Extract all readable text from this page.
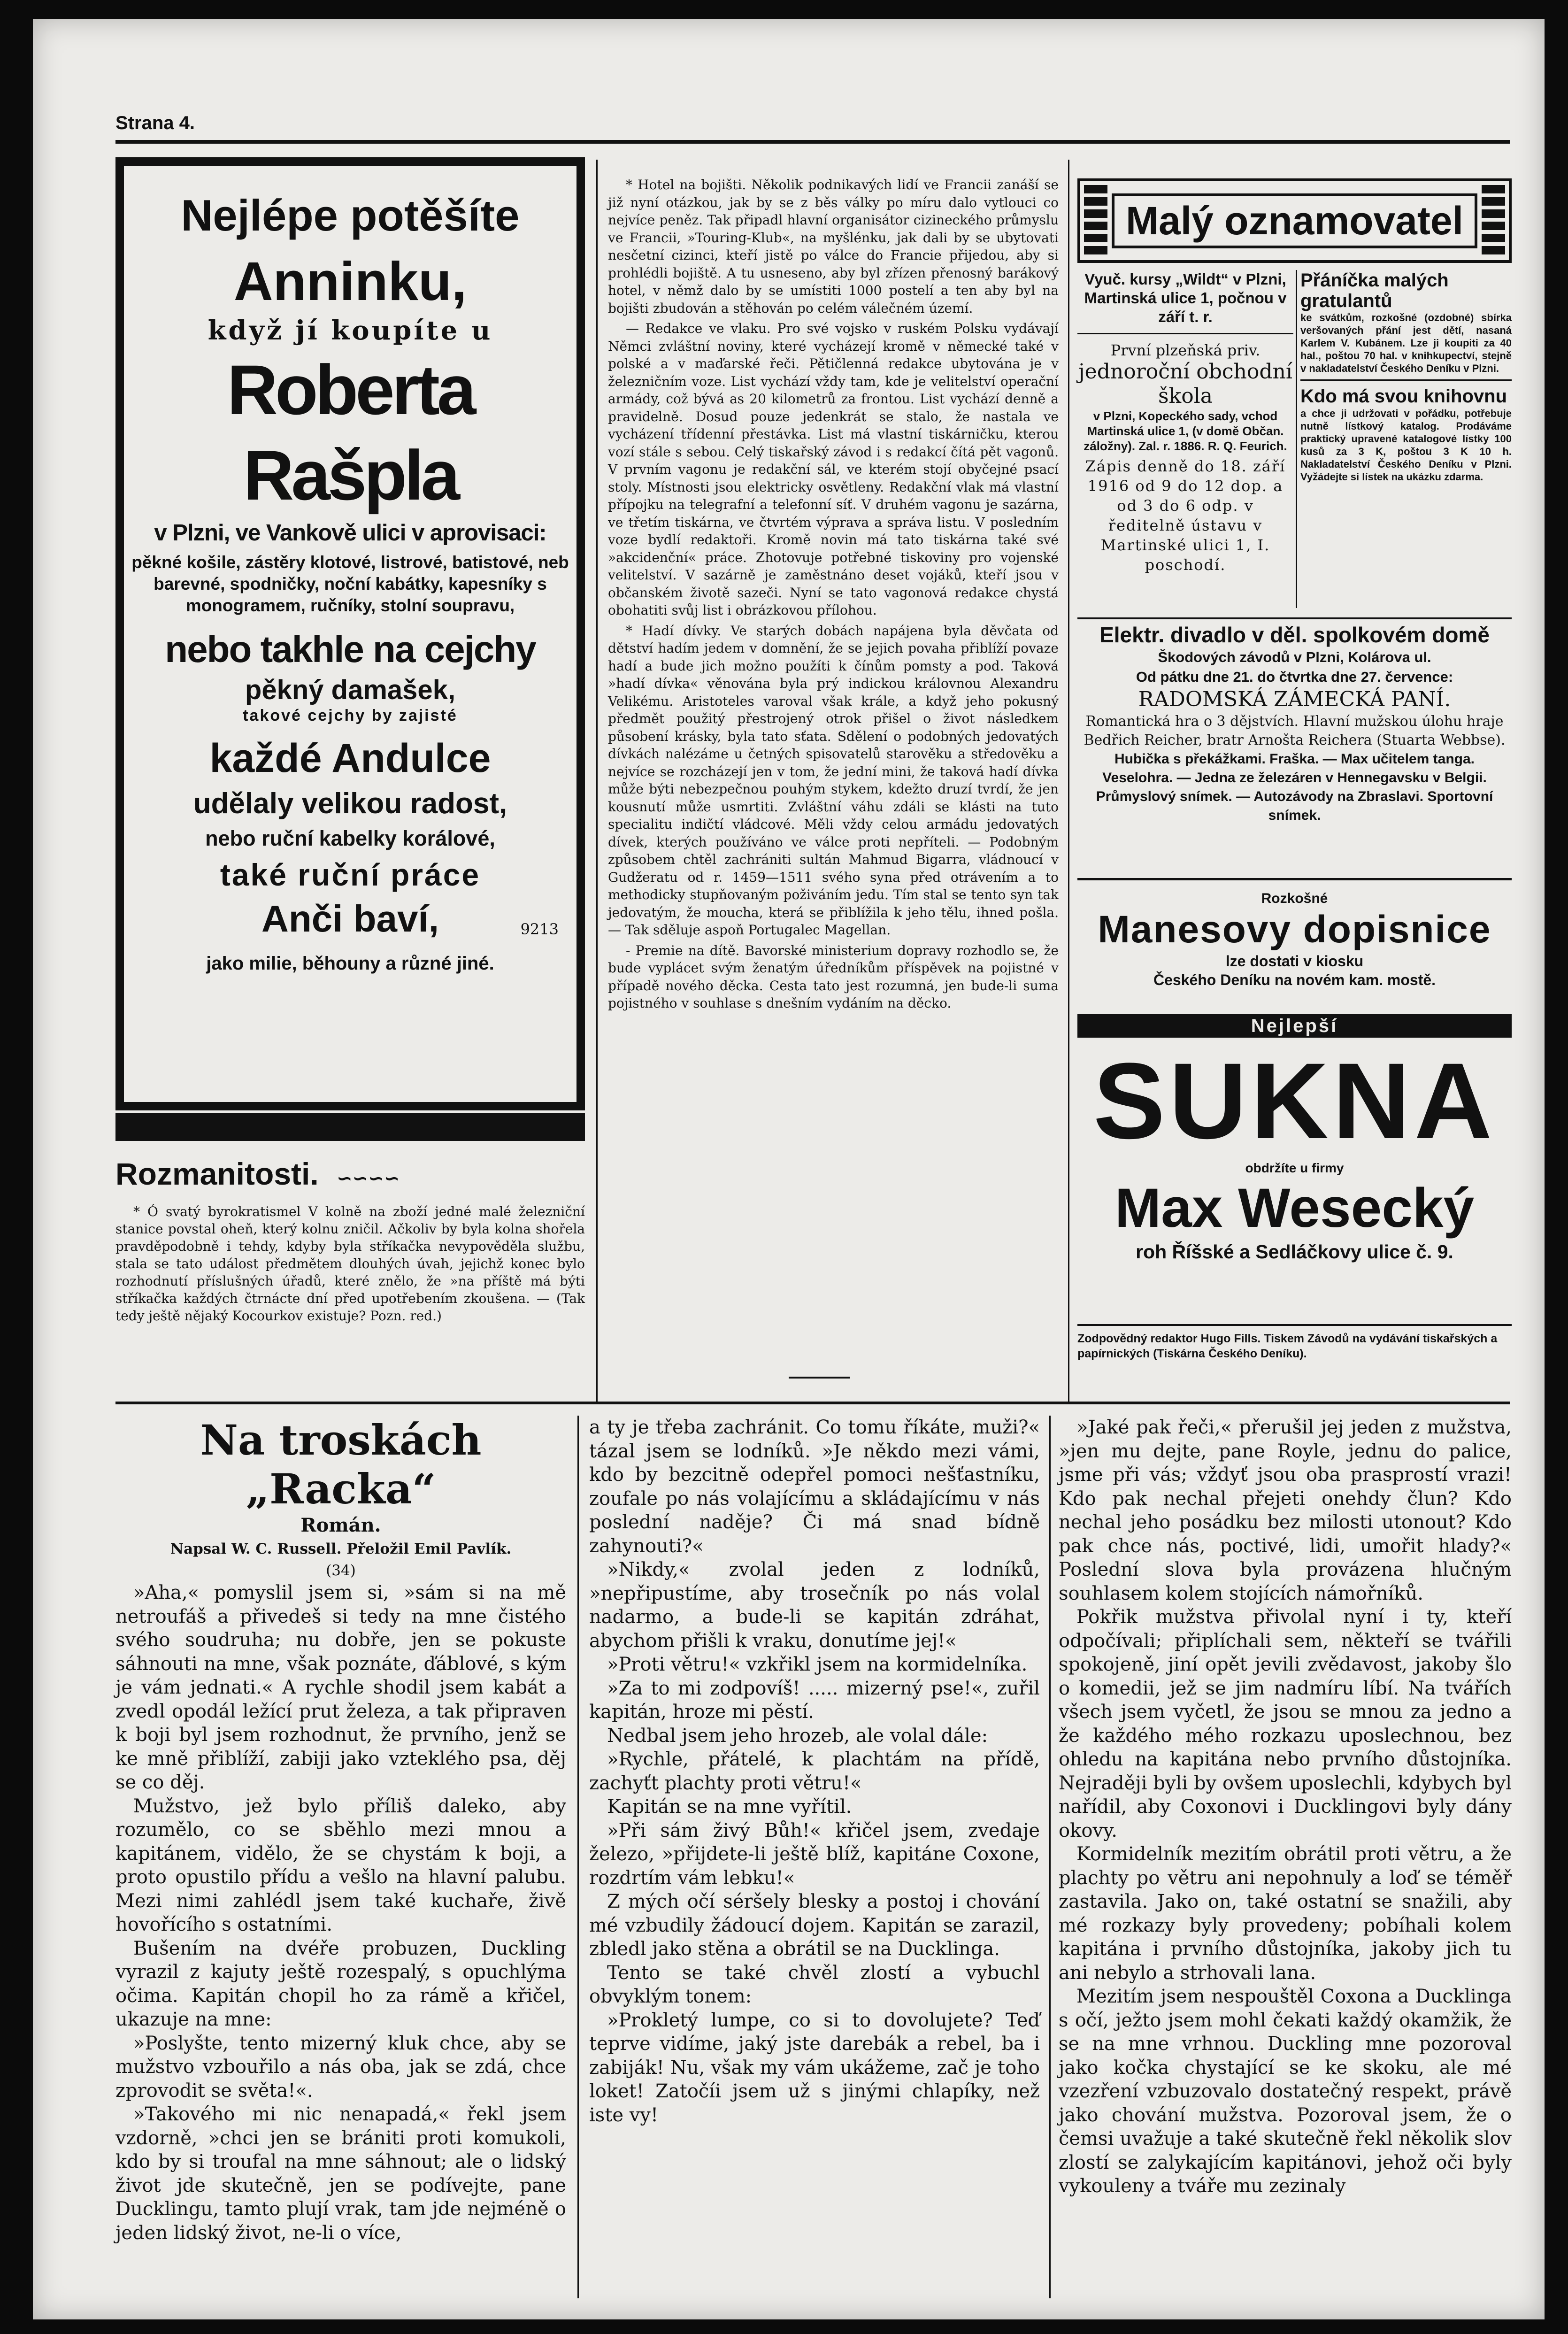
Strana 4.
Nejlépe potěšíte
Anninku,
když jí koupíte u
Roberta Rašpla
v Plzni, ve Vankově ulici v aprovisaci:
pěkné košile, zástěry klotové, listrové, batistové, neb barevné, spodničky, noční kabátky, kapesníky s monogramem, ručníky, stolní soupravu,
nebo takhle na cejchy
pěkný damašek,
takové cejchy by zajisté
každé Andulce
udělaly velikou radost,
nebo ruční kabelky korálové,
také ruční práce
Anči baví,	9213
jako milie, běhouny a různé jiné.
Rozmanitosti. ∽∽∽∽

* Ó svatý byrokratismel V kolně na zboží jedné malé železniční stanice povstal oheň, který kolnu zničil. Ačkoliv by byla kolna shořela pravděpodobně i tehdy, kdyby byla stříkačka nevypověděla službu, stala se tato událost předmětem dlouhých úvah, jejichž konec bylo rozhodnutí příslušných úřadů, které znělo, že »na příště má býti stříkačka každých čtrnácte dní před upotřebením zkoušena. — (Tak tedy ještě nějaký Kocourkov existuje? Pozn. red.)

* Hotel na bojišti. Několik podnikavých lidí ve Francii zanáší se již nyní otázkou, jak by se z běs války po míru dalo vytlouci co nejvíce peněz. Tak připadl hlavní organisátor cizineckého průmyslu ve Francii, »Touring-Klub«, na myšlénku, jak dali by se ubytovati nesčetní cizinci, kteří jistě po válce do Francie přijedou, aby si prohlédli bojiště. A tu usneseno, aby byl zřízen přenosný barákový hotel, v němž dalo by se umístiti 1000 postelí a ten aby byl na bojišti zbudován a stěhován po celém válečném území.

— Redakce ve vlaku. Pro své vojsko v ruském Polsku vydávají Němci zvláštní noviny, které vycházejí kromě v německé také v polské a v maďarské řeči. Pětičlenná redakce ubytována je v železničním voze. List vychází vždy tam, kde je velitelství operační armády, což bývá as 20 kilometrů za frontou. List vychází denně a pravidelně. Dosud pouze jedenkrát se stalo, že nastala ve vycházení třídenní přestávka. List má vlastní tiskárničku, kterou vozí stále s sebou. Celý tiskařský závod i s redakcí čítá pět vagonů. V prvním vagonu je redakční sál, ve kterém stojí obyčejné psací stoly. Místnosti jsou elektricky osvětleny. Redakční vlak má vlastní přípojku na telegrafní a telefonní síť. V druhém vagonu je sazárna, ve třetím tiskárna, ve čtvrtém výprava a správa listu. V posledním voze bydlí redaktoři. Kromě novin má tato tiskárna také své »akcidenční« práce. Zhotovuje potřebné tiskoviny pro vojenské velitelství. V sazárně je zaměstnáno deset vojáků, kteří jsou v občanském životě sazeči. Nyní se tato vagonová redakce chystá obohatiti svůj list i obrázkovou přílohou.

* Hadí dívky. Ve starých dobách napájena byla děvčata od dětství hadím jedem v domnění, že se jejich povaha přiblíží povaze hadí a bude jich možno použíti k čínům pomsty a pod. Taková »hadí dívka« věnována byla prý indickou královnou Alexandru Velikému. Aristoteles varoval však krále, a když jeho pokusný předmět použitý přestrojený otrok přišel o život následkem působení krásky, byla tato sťata. Sdělení o podobných jedovatých dívkách nalézáme u četných spisovatelů starověku a středověku a nejvíce se rozcházejí jen v tom, že jední mini, že taková hadí dívka může býti nebezpečnou pouhým stykem, kdežto druzí tvrdí, že jen kousnutí může usmrtiti. Zvláštní váhu zdáli se klásti na tuto specialitu indičtí vládcové. Měli vždy celou armádu jedovatých dívek, kterých používáno ve válce proti nepříteli. — Podobným způsobem chtěl zachrániti sultán Mahmud Bigarra, vládnoucí v Gudžeratu od r. 1459—1511 svého syna před otrávením a to methodicky stupňovaným poživáním jedu. Tím stal se tento syn tak jedovatým, že moucha, která se přiblížila k jeho tělu, ihned pošla. — Tak sděluje aspoň Portugalec Magellan.

- Premie na dítě. Bavorské ministerium dopravy rozhodlo se, že bude vyplácet svým ženatým úředníkům příspěvek na pojistné v případě nového děcka. Cesta tato jest rozumná, jen bude-li suma pojistného v souhlase s dnešním vydáním na děcko.

Malý oznamovatel
Vyuč. kursy „Wildt“ v Plzni, Martinská ulice 1, počnou v září t. r.
První plzeňská priv.
jednoroční obchodní škola
v Plzni, Kopeckého sady, vchod Martinská ulice 1, (v domě Občan. záložny). Zal. r. 1886. R. Q. Feurich.
Zápis denně do 18. září 1916 od 9 do 12 dop. a od 3 do 6 odp. v ředitelně ústavu v Martinské ulici 1, I. poschodí.
Přáníčka malých gratulantů
ke svátkům, rozkošné (ozdobné) sbírka veršovaných přání jest dětí, nasaná Karlem V. Kubánem. Lze ji koupiti za 40 hal., poštou 70 hal. v knihkupectví, stejně v nakladatelství Českého Deníku v Plzni.
Kdo má svou knihovnu
a chce ji udržovati v pořádku, potřebuje nutně lístkový katalog. Prodáváme praktický upravené katalogové lístky 100 kusů za 3 K, poštou 3 K 10 h. Nakladatelství Českého Deníku v Plzni. Vyžádejte si lístek na ukázku zdarma.
Elektr. divadlo v děl. spolkovém domě
Škodových závodů v Plzni, Kolárova ul.
Od pátku dne 21. do čtvrtka dne 27. července:
RADOMSKÁ ZÁMECKÁ PANÍ.
Romantická hra o 3 dějstvích. Hlavní mužskou úlohu hraje Bedřich Reicher, bratr Arnošta Reichera (Stuarta Webbse).
Hubička s překážkami. Fraška. — Max učitelem tanga. Veselohra. — Jedna ze železáren v Hennegavsku v Belgii. Průmyslový snímek. — Autozávody na Zbraslavi. Sportovní snímek.
Rozkošné
Manesovy dopisnice
lze dostati v kiosku
Českého Deníku na novém kam. mostě.
Nejlepší
SUKNA
obdržíte u firmy
Max Wesecký
roh Říšské a Sedláčkovy ulice č. 9.
Zodpovědný redaktor Hugo Fills. Tiskem Závodů na vydávání tiskařských a papírnických (Tiskárna Českého Deníku).
Na troskách „Racka“
Román.
Napsal W. C. Russell. Přeložil Emil Pavlík.
(34)

»Aha,« pomyslil jsem si, »sám si na mě netroufáš a přivedeš si tedy na mne čistého svého soudruha; nu dobře, jen se pokuste sáhnouti na mne, však poznáte, ďáblové, s kým je vám jednati.« A rychle shodil jsem kabát a zvedl opodál ležící prut železa, a tak připraven k boji byl jsem rozhodnut, že prvního, jenž se ke mně přiblíží, zabiji jako vzteklého psa, děj se co děj.

Mužstvo, jež bylo příliš daleko, aby rozumělo, co se sběhlo mezi mnou a kapitánem, vidělo, že se chystám k boji, a proto opustilo přídu a vešlo na hlavní palubu. Mezi nimi zahlédl jsem také kuchaře, živě hovořícího s ostatními.

Bušením na dvéře probuzen, Duckling vyrazil z kajuty ještě rozespalý, s opuchlýma očima. Kapitán chopil ho za rámě a křičel, ukazuje na mne:

»Poslyšte, tento mizerný kluk chce, aby se mužstvo vzbouřilo a nás oba, jak se zdá, chce zprovodit se světa!«.

»Takového mi nic nenapadá,« řekl jsem vzdorně, »chci jen se brániti proti komukoli, kdo by si troufal na mne sáhnout; ale o lidský život jde skutečně, jen se podívejte, pane Ducklingu, tamto plují vrak, tam jde nejméně o jeden lidský život, ne-li o více,

a ty je třeba zachránit. Co tomu říkáte, muži?« tázal jsem se lodníků. »Je někdo mezi vámi, kdo by bezcitně odepřel pomoci nešťastníku, zoufale po nás volajícímu a skládajícímu v nás poslední naděje? Či má snad bídně zahynouti?«

»Nikdy,« zvolal jeden z lodníků, »nepřipustíme, aby trosečník po nás volal nadarmo, a bude-li se kapitán zdráhat, abychom přišli k vraku, donutíme jej!«

»Proti větru!« vzkřikl jsem na kormidelníka.

»Za to mi zodpovíš! ..... mizerný pse!«, zuřil kapitán, hroze mi pěstí.

Nedbal jsem jeho hrozeb, ale volal dále:

»Rychle, přátelé, k plachtám na přídě, zachyťt plachty proti větru!«

Kapitán se na mne vyřítil.

»Při sám živý Bůh!« křičel jsem, zvedaje železo, »přijdete-li ještě blíž, kapitáne Coxone, rozdrtím vám lebku!«

Z mých očí séršely blesky a postoj i chování mé vzbudily žádoucí dojem. Kapitán se zarazil, zbledl jako stěna a obrátil se na Ducklinga.

Tento se také chvěl zlostí a vybuchl obvyklým tonem:

»Prokletý lumpe, co si to dovolujete? Teď teprve vidíme, jaký jste darebák a rebel, ba i zabiják! Nu, však my vám ukážeme, zač je toho loket! Zatočíi jsem už s jinými chlapíky, než iste vy!

»Jaké pak řeči,« přerušil jej jeden z mužstva, »jen mu dejte, pane Royle, jednu do palice, jsme při vás; vždyť jsou oba prasprostí vrazi! Kdo pak nechal přejeti onehdy člun? Kdo nechal jeho posádku bez milosti utonout? Kdo pak chce nás, poctivé, lidi, umořit hlady?« Poslední slova byla provázena hlučným souhlasem kolem stojících námořníků.

Pokřik mužstva přivolal nyní i ty, kteří odpočívali; připlíchali sem, někteří se tvářili spokojeně, jiní opět jevili zvědavost, jakoby šlo o komedii, jež se jim nadmíru líbí. Na tvářích všech jsem vyčetl, že jsou se mnou za jedno a že každého mého rozkazu uposlechnou, bez ohledu na kapitána nebo prvního důstojníka. Nejraději byli by ovšem uposlechli, kdybych byl nařídil, aby Coxonovi i Ducklingovi byly dány okovy.

Kormidelník mezitím obrátil proti větru, a že plachty po větru ani nepohnuly a loď se téměř zastavila. Jako on, také ostatní se snažili, aby mé rozkazy byly provedeny; pobíhali kolem kapitána i prvního důstojníka, jakoby jich tu ani nebylo a strhovali lana.

Mezitím jsem nespouštěl Coxona a Ducklinga s očí, ježto jsem mohl čekati každý okamžik, že se na mne vrhnou. Duckling mne pozoroval jako kočka chystající se ke skoku, ale mé vzezření vzbuzovalo dostatečný respekt, právě jako chování mužstva. Pozoroval jsem, že o čemsi uvažuje a také skutečně řekl několik slov zlostí se zalykajícím kapitánovi, jehož oči byly vykouleny a tváře mu zezinaly
